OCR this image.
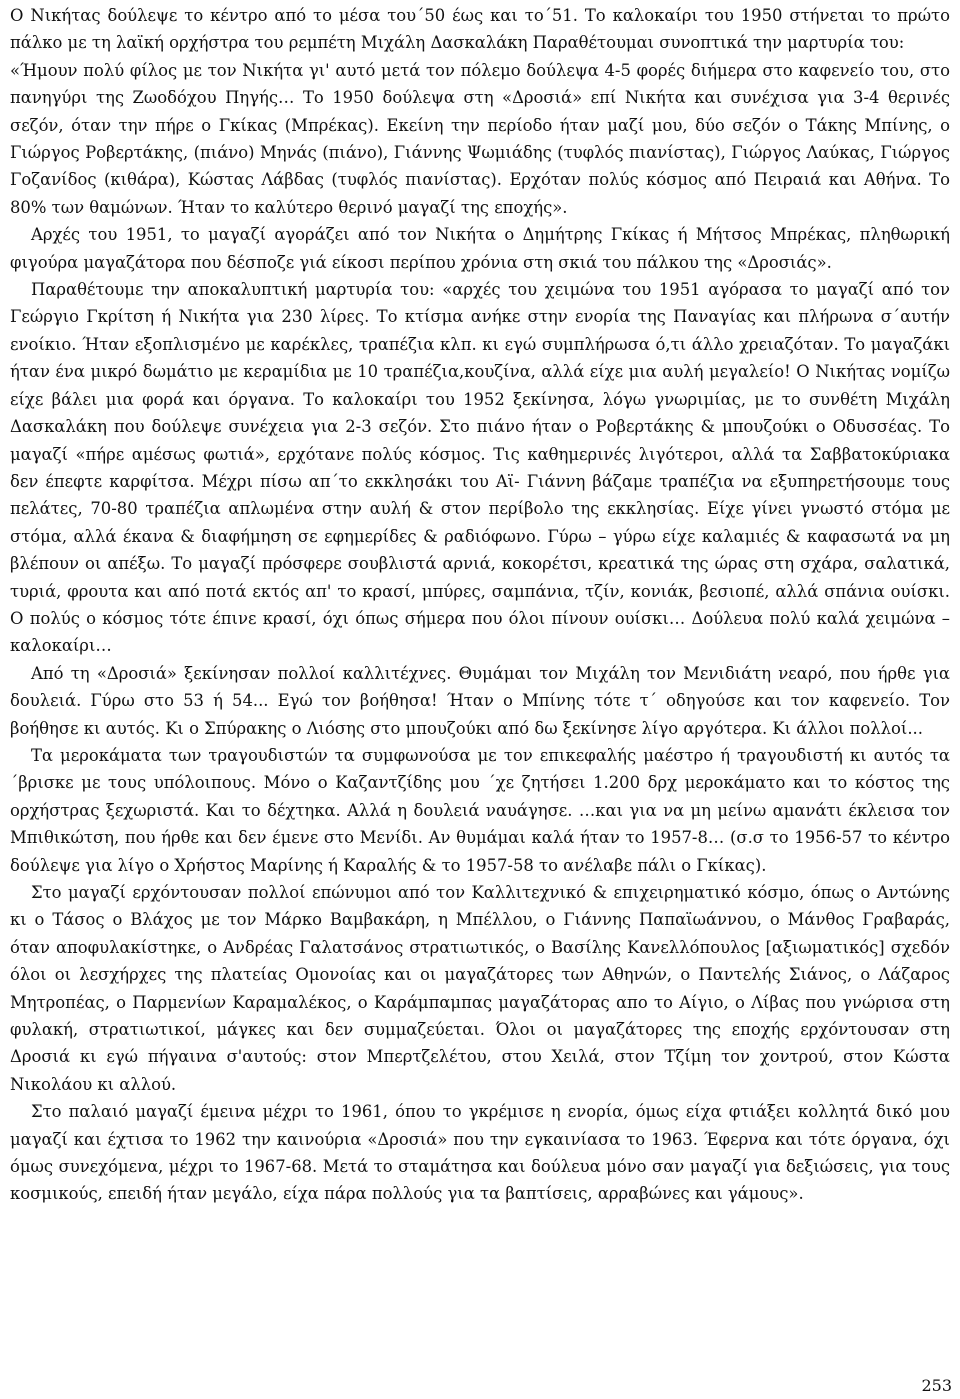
Ο Νικήτας δούλεψε το κέντρο από το μέσα του΄50 έως και το΄51. Το καλοκαίρι του 1950 στήνεται το πρώτο πάλκο με τη λαϊκή ορχήστρα του ρεμπέτη Μιχάλη Δασκαλάκη Παραθέτουμαι συνοπτικά την μαρτυρία του:

«Ήμουν πολύ φίλος με τον Νικήτα γι' αυτό μετά τον πόλεμο δούλεψα 4-5 φορές διήμερα στο καφενείο του, στο πανηγύρι της Ζωοδόχου Πηγής… Το 1950 δούλεψα στη «Δροσιά» επί Νικήτα και συνέχισα για 3-4 θερινές σεζόν, όταν την πήρε ο Γκίκας (Μπρέκας). Εκείνη την περίοδο ήταν μαζί μου, δύο σεζόν ο Τάκης Μπίνης, ο Γιώργος Ροβερτάκης, (πιάνο) Μηνάς (πιάνο), Γιάννης Ψωμιάδης (τυφλός πιανίστας), Γιώργος Λαύκας, Γιώργος Γοζανίδος (κιθάρα), Κώστας Λάβδας (τυφλός πιανίστας). Ερχόταν πολύς κόσμος από Πειραιά και Αθήνα. Το 80% των θαμώνων. Ήταν το καλύτερο θερινό μαγαζί της εποχής».

Αρχές του 1951, το μαγαζί αγοράζει από τον Νικήτα ο Δημήτρης Γκίκας ή Μήτσος Μπρέκας, πληθωρική φιγούρα μαγαζάτορα που δέσποζε γιά είκοσι περίπου χρόνια στη σκιά του πάλκου της «Δροσιάς».

Παραθέτουμε την αποκαλυπτική μαρτυρία του: «αρχές του χειμώνα του 1951 αγόρασα το μαγαζί από τον Γεώργιο Γκρίτση ή Νικήτα για 230 λίρες. Το κτίσμα ανήκε στην ενορία της Παναγίας και πλήρωνα σ΄αυτήν ενοίκιο. Ήταν εξοπλισμένο με καρέκλες, τραπέζια κλπ. κι εγώ συμπλήρωσα ό,τι άλλο χρειαζόταν. Το μαγαζάκι ήταν ένα μικρό δωμάτιο με κεραμίδια με 10 τραπέζια,κουζίνα, αλλά είχε μια αυλή μεγαλείο! Ο Νικήτας νομίζω είχε βάλει μια φορά και όργανα. Το καλοκαίρι του 1952 ξεκίνησα, λόγω γνωριμίας, με το συνθέτη Μιχάλη Δασκαλάκη που δούλεψε συνέχεια για 2-3 σεζόν. Στο πιάνο ήταν ο Ροβερτάκης & μπουζούκι ο Οδυσσέας. Το μαγαζί «πήρε αμέσως φωτιά», ερχότανε πολύς κόσμος. Τις καθημερινές λιγότεροι, αλλά τα Σαββατοκύριακα δεν έπεφτε καρφίτσα. Μέχρι πίσω απ΄το εκκλησάκι του Αϊ- Γιάννη βάζαμε τραπέζια να εξυπηρετήσουμε τους πελάτες, 70-80 τραπέζια απλωμένα στην αυλή & στον περίβολο της εκκλησίας. Είχε γίνει γνωστό στόμα με στόμα, αλλά έκανα & διαφήμηση σε εφημερίδες & ραδιόφωνο. Γύρω – γύρω είχε καλαμιές & καφασωτά να μη βλέπουν οι απέξω. Το μαγαζί πρόσφερε σουβλιστά αρνιά, κοκορέτσι, κρεατικά της ώρας στη σχάρα, σαλατικά, τυριά, φρουτα και από ποτά εκτός απ' το κρασί, μπύρες, σαμπάνια, τζίν, κονιάκ, βεσιοπέ, αλλά σπάνια ουίσκι. Ο πολύς ο κόσμος τότε έπινε κρασί, όχι όπως σήμερα που όλοι πίνουν ουίσκι… Δούλευα πολύ καλά χειμώνα –καλοκαίρι…

Από τη «Δροσιά» ξεκίνησαν πολλοί καλλιτέχνες. Θυμάμαι τον Μιχάλη τον Μενιδιάτη νεαρό, που ήρθε για δουλειά. Γύρω στο 53 ή 54... Εγώ τον βοήθησα! Ήταν ο Μπίνης τότε τ΄ οδηγούσε και τον καφενείο. Τον βοήθησε κι αυτός. Κι ο Σπύρακης ο Λιόσης στο μπουζούκι από δω ξεκίνησε λίγο αργότερα. Κι άλλοι πολλοί...

Τα μεροκάματα των τραγουδιστών τα συμφωνούσα με τον επικεφαλής μαέστρο ή τραγουδιστή κι αυτός τα ΄βρισκε με τους υπόλοιπους. Μόνο ο Καζαντζίδης μου ΄χε ζητήσει 1.200 δρχ μεροκάματο και το κόστος της ορχήστρας ξεχωριστά. Και το δέχτηκα. Αλλά η δουλειά ναυάγησε. …και για να μη μείνω αμανάτι έκλεισα τον Μπιθικώτση, που ήρθε και δεν έμενε στο Μενίδι. Αν θυμάμαι καλά ήταν το 1957-8… (σ.σ το 1956-57 το κέντρο δούλεψε για λίγο ο Χρήστος Μαρίνης ή Καραλής & το 1957-58 το ανέλαβε πάλι ο Γκίκας).

Στο μαγαζί ερχόντουσαν πολλοί επώνυμοι από τον Καλλιτεχνικό & επιχειρηματικό κόσμο, όπως ο Αντώνης κι ο Τάσος ο Βλάχος με τον Μάρκο Βαμβακάρη, η Μπέλλου, ο Γιάννης Παπαϊωάννου, ο Μάνθος Γραβαράς, όταν αποφυλακίστηκε, ο Ανδρέας Γαλατσάνος στρατιωτικός, ο Βασίλης Κανελλόπουλος [αξιωματικός] σχεδόν όλοι οι λεσχήρχες της πλατείας Ομονοίας και οι μαγαζάτορες των Αθηνών, ο Παντελής Σιάνος, ο Λάζαρος Μητροπέας, ο Παρμενίων Καραμαλέκος, ο Καράμπαμπας μαγαζάτορας απο το Αίγιο, ο Λίβας που γνώρισα στη φυλακή, στρατιωτικοί, μάγκες και δεν συμμαζεύεται. Όλοι οι μαγαζάτορες της εποχής ερχόντουσαν στη Δροσιά κι εγώ πήγαινα σ'αυτούς: στον Μπερτζελέτου, στου Χειλά, στον Τζίμη τον χοντρού, στον Κώστα Νικολάου κι αλλού.

Στο παλαιό μαγαζί έμεινα μέχρι το 1961, όπου το γκρέμισε η ενορία, όμως είχα φτιάξει κολλητά δικό μου μαγαζί και έχτισα το 1962 την καινούρια «Δροσιά» που την εγκαινίασα το 1963. Έφερνα και τότε όργανα, όχι όμως συνεχόμενα, μέχρι το 1967-68. Μετά το σταμάτησα και δούλευα μόνο σαν μαγαζί για δεξιώσεις, για τους κοσμικούς, επειδή ήταν μεγάλο, είχα πάρα πολλούς για τα βαπτίσεις, αρραβώνες και γάμους».

253
